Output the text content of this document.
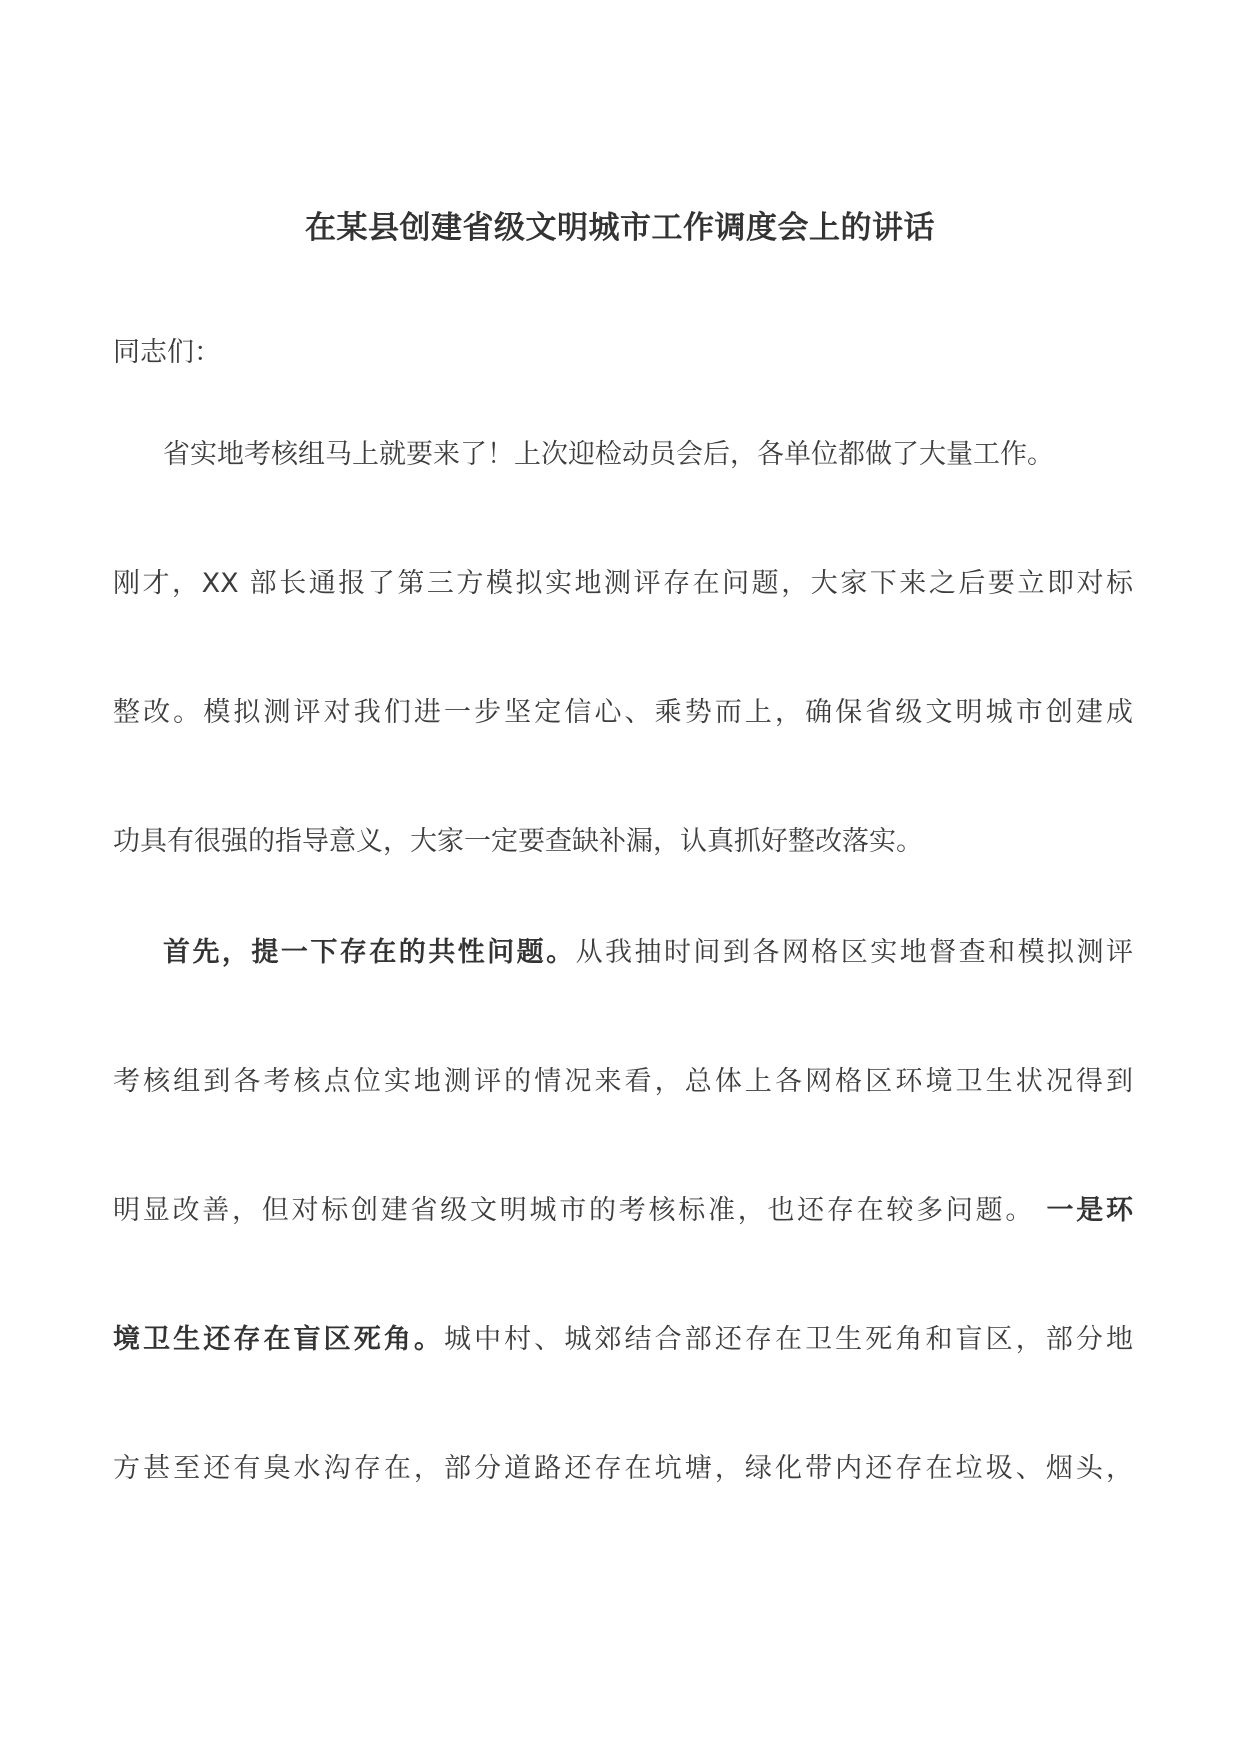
在某县创建省级文明城市工作调度会上的讲话
同志们：
省实地考核组马上就要来了！上次迎检动员会后，各单位都做了大量工作。
刚才，XX 部长通报了第三方模拟实地测评存在问题，大家下来之后要立即对标
整改。模拟测评对我们进一步坚定信心、乘势而上，确保省级文明城市创建成
功具有很强的指导意义，大家一定要查缺补漏，认真抓好整改落实。
首先，提一下存在的共性问题。从我抽时间到各网格区实地督查和模拟测评
考核组到各考核点位实地测评的情况来看，总体上各网格区环境卫生状况得到
明显改善，但对标创建省级文明城市的考核标准，也还存在较多问题。 一是环
境卫生还存在盲区死角。城中村、城郊结合部还存在卫生死角和盲区，部分地
方甚至还有臭水沟存在，部分道路还存在坑塘，绿化带内还存在垃圾、烟头，
